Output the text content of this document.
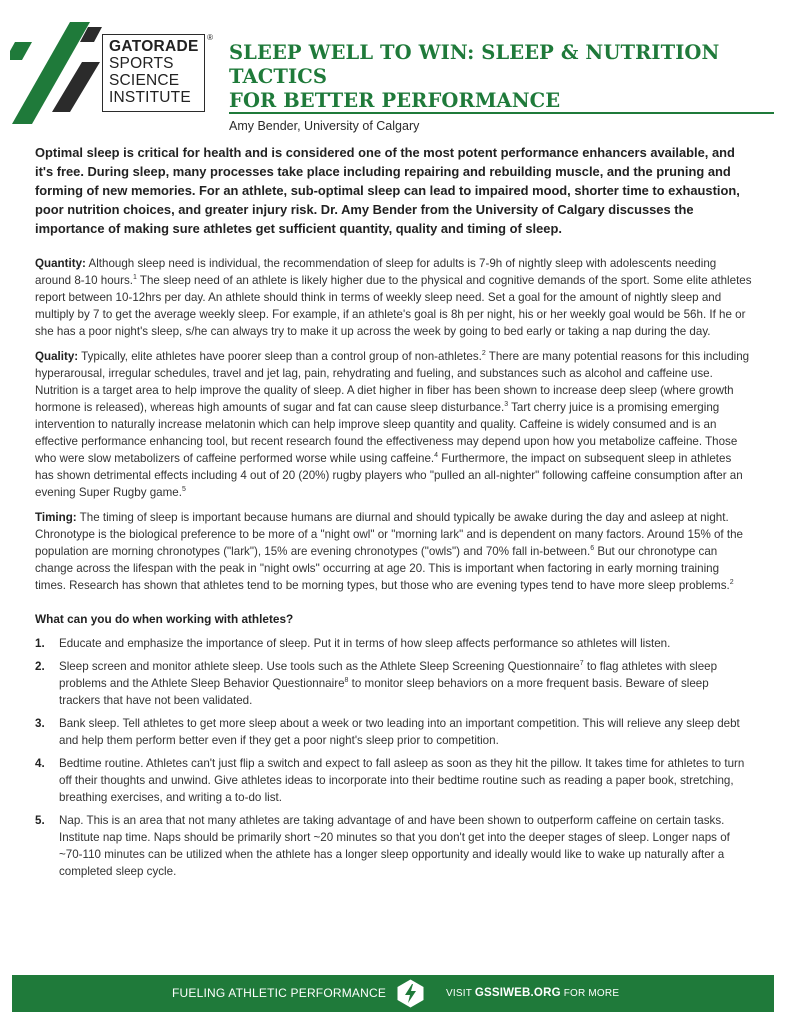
GATORADE
SPORTS
SCIENCE
INSTITUTE
®
SLEEP WELL TO WIN: SLEEP & NUTRITION TACTICS
FOR BETTER PERFORMANCE
Amy Bender, University of Calgary
Optimal sleep is critical for health and is considered one of the most potent performance enhancers available, and it's free. During sleep, many processes take place including repairing and rebuilding muscle, and the pruning and forming of new memories. For an athlete, sub-optimal sleep can lead to impaired mood, shorter time to exhaustion, poor nutrition choices, and greater injury risk. Dr. Amy Bender from the University of Calgary discusses the importance of making sure athletes get sufficient quantity, quality and timing of sleep.

Quantity: Although sleep need is individual, the recommendation of sleep for adults is 7-9h of nightly sleep with adolescents needing around 8-10 hours.$^1$ The sleep need of an athlete is likely higher due to the physical and cognitive demands of the sport. Some elite athletes report between 10-12hrs per day. An athlete should think in terms of weekly sleep need. Set a goal for the amount of nightly sleep and multiply by 7 to get the average weekly sleep. For example, if an athlete's goal is 8h per night, his or her weekly goal would be 56h. If he or she has a poor night's sleep, s/he can always try to make it up across the week by going to bed early or taking a nap during the day.

Quality: Typically, elite athletes have poorer sleep than a control group of non-athletes.$^2$ There are many potential reasons for this including hyperarousal, irregular schedules, travel and jet lag, pain, rehydrating and fueling, and substances such as alcohol and caffeine use. Nutrition is a target area to help improve the quality of sleep. A diet higher in fiber has been shown to increase deep sleep (where growth hormone is released), whereas high amounts of sugar and fat can cause sleep disturbance.$^3$ Tart cherry juice is a promising emerging intervention to naturally increase melatonin which can help improve sleep quantity and quality. Caffeine is widely consumed and is an effective performance enhancing tool, but recent research found the effectiveness may depend upon how you metabolize caffeine. Those who were slow metabolizers of caffeine performed worse while using caffeine.$^4$ Furthermore, the impact on subsequent sleep in athletes has shown detrimental effects including 4 out of 20 (20%) rugby players who "pulled an all-nighter" following caffeine consumption after an evening Super Rugby game.$^5$

Timing: The timing of sleep is important because humans are diurnal and should typically be awake during the day and asleep at night. Chronotype is the biological preference to be more of a "night owl" or "morning lark" and is dependent on many factors. Around 15% of the population are morning chronotypes ("lark"), 15% are evening chronotypes ("owls") and 70% fall in-between.$^6$ But our chronotype can change across the lifespan with the peak in "night owls" occurring at age 20. This is important when factoring in early morning training times. Research has shown that athletes tend to be morning types, but those who are evening types tend to have more sleep problems.$^2$

What can you do when working with athletes?
1. Educate and emphasize the importance of sleep. Put it in terms of how sleep affects performance so athletes will listen.
2. Sleep screen and monitor athlete sleep. Use tools such as the Athlete Sleep Screening Questionnaire$^7$ to flag athletes with sleep problems and the Athlete Sleep Behavior Questionnaire$^8$ to monitor sleep behaviors on a more frequent basis. Beware of sleep trackers that have not been validated.
3. Bank sleep. Tell athletes to get more sleep about a week or two leading into an important competition. This will relieve any sleep debt and help them perform better even if they get a poor night's sleep prior to competition.
4. Bedtime routine. Athletes can't just flip a switch and expect to fall asleep as soon as they hit the pillow. It takes time for athletes to turn off their thoughts and unwind. Give athletes ideas to incorporate into their bedtime routine such as reading a paper book, stretching, breathing exercises, and writing a to-do list.
5. Nap. This is an area that not many athletes are taking advantage of and have been shown to outperform caffeine on certain tasks. Institute nap time. Naps should be primarily short ~20 minutes so that you don't get into the deeper stages of sleep. Longer naps of ~70-110 minutes can be utilized when the athlete has a longer sleep opportunity and ideally would like to wake up naturally after a completed sleep cycle.
FUELING ATHLETIC PERFORMANCE	VISIT GSSIWEB.ORG FOR MORE
